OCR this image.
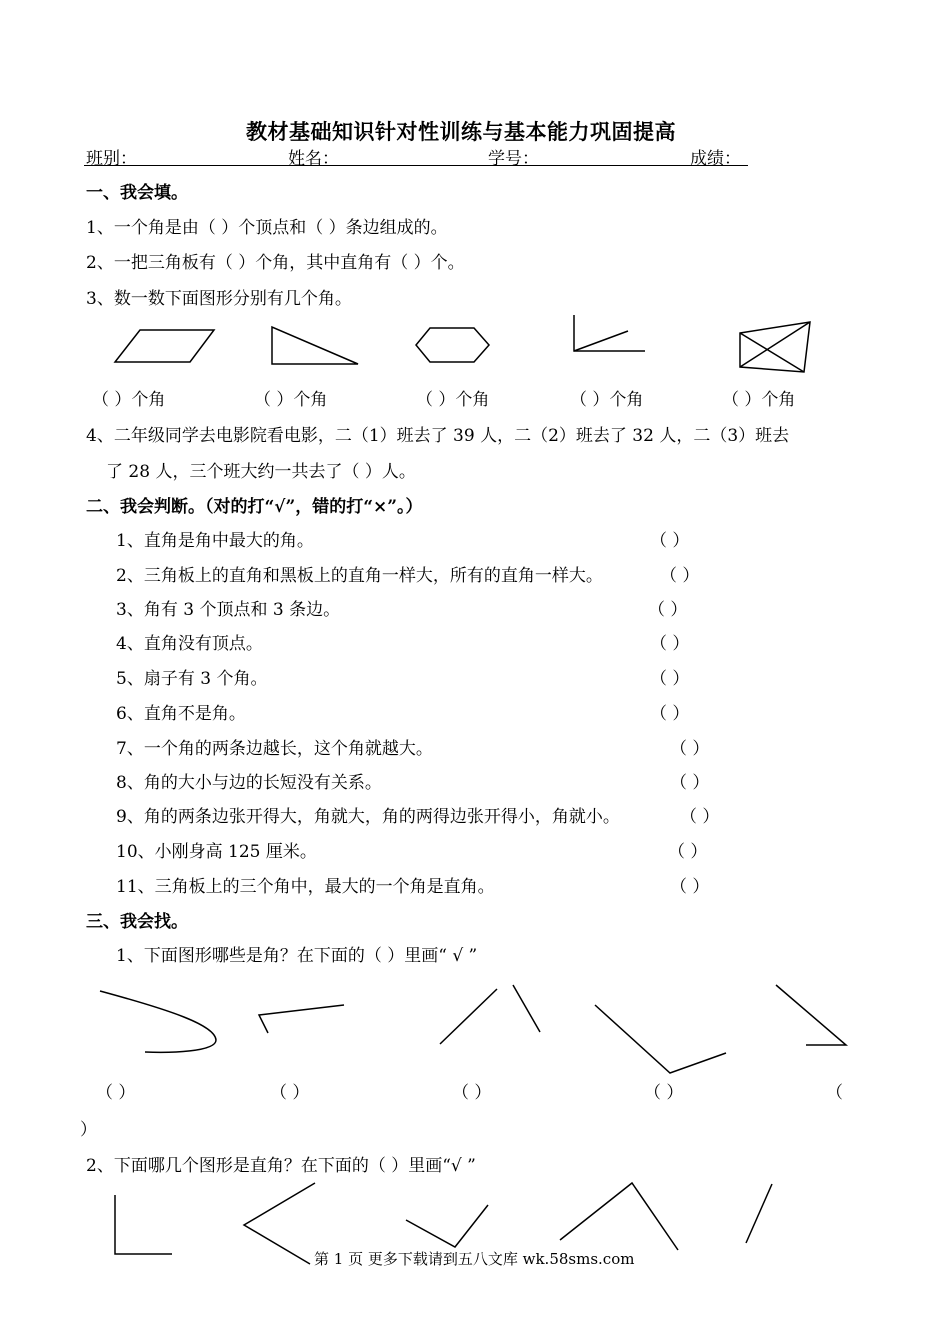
教材基础知识针对性训练与基本能力巩固提高
班别：	姓名：	学号：	成绩：
一、我会填。
1、一个角是由（ ）个顶点和（ ）条边组成的。
2、一把三角板有（ ）个角，其中直角有（ ）个。
3、数一数下面图形分别有几个角。
（ ）个角	（ ）个角	（ ）个角	（ ）个角	（ ）个角
4、二年级同学去电影院看电影，二（1）班去了 39 人，二（2）班去了 32 人，二（3）班去
了 28 人，三个班大约一共去了（ ）人。
二、我会判断。（对的打“√”，错的打“×”。）
1、直角是角中最大的角。	（ ）
2、三角板上的直角和黑板上的直角一样大，所有的直角一样大。	（ ）
3、角有 3 个顶点和 3 条边。	（ ）
4、直角没有顶点。	（ ）
5、扇子有 3 个角。	（ ）
6、直角不是角。	（ ）
7、一个角的两条边越长，这个角就越大。	（ ）
8、角的大小与边的长短没有关系。	（ ）
9、角的两条边张开得大，角就大，角的两得边张开得小，角就小。	（ ）
10、小刚身高 125 厘米。	（ ）
11、三角板上的三个角中，最大的一个角是直角。	（ ）
三、我会找。
1、下面图形哪些是角？在下面的（ ）里画“ √ ”
（ ）	（ ）	（ ）	（ ）	（
）
2、下面哪几个图形是直角？在下面的（ ）里画“√ ”
第 1 页 更多下载请到五八文库 wk.58sms.com
